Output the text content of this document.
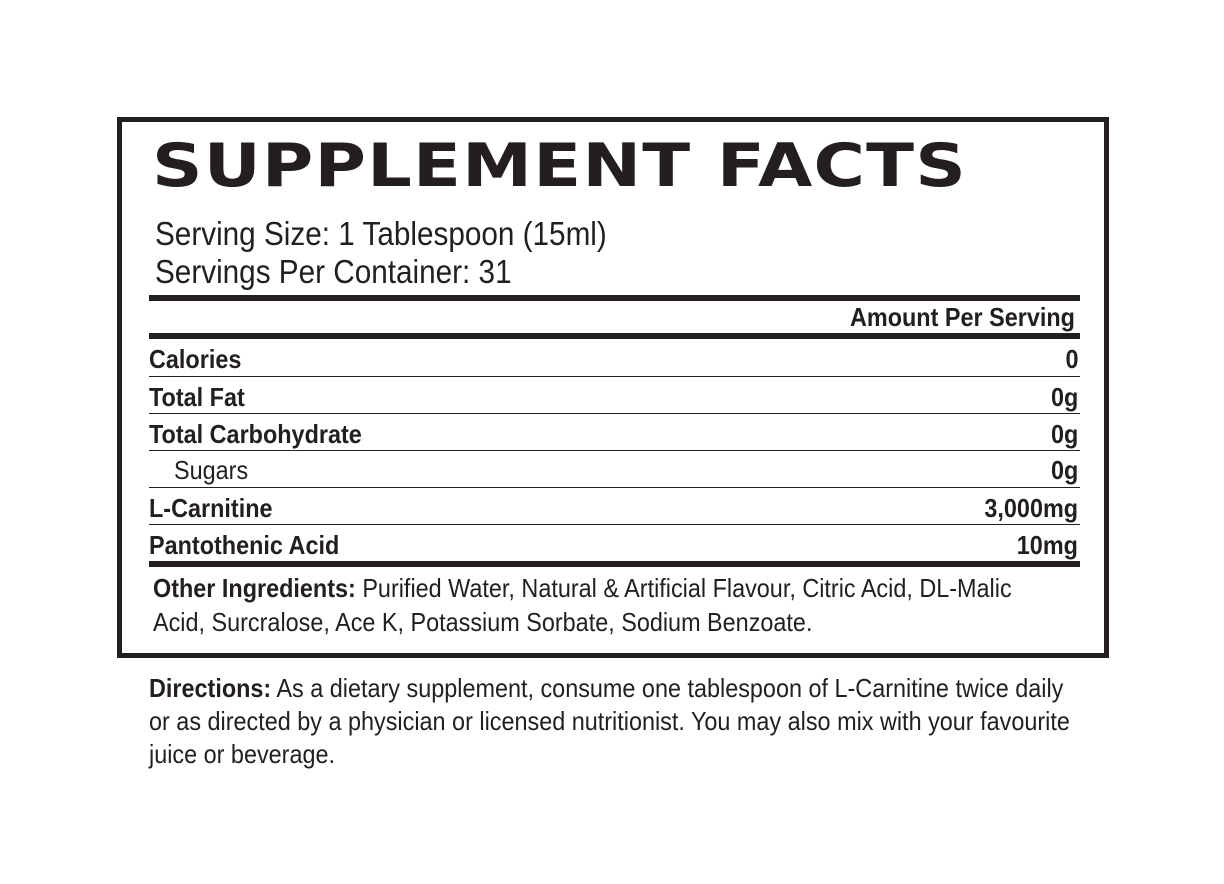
SUPPLEMENT FACTS
Serving Size: 1 Tablespoon (15ml)
Servings Per Container: 31
Amount Per Serving
Calories	0
Total Fat	0g
Total Carbohydrate	0g
Sugars	0g
L-Carnitine	3,000mg
Pantothenic Acid	10mg
Other Ingredients: Purified Water, Natural & Artificial Flavour, Citric Acid, DL-Malic Acid, Surcralose, Ace K, Potassium Sorbate, Sodium Benzoate.
Directions: As a dietary supplement, consume one tablespoon of L-Carnitine twice daily or as directed by a physician or licensed nutritionist. You may also mix with your favourite juice or beverage.
